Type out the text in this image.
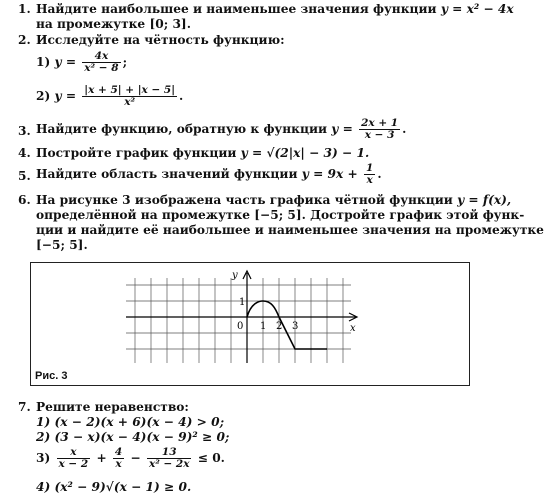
1. Найдите наибольшее и наименьшее значения функции y = x² − 4x
на промежутке [0; 3].
2. Исследуйте на чётность функцию:
1) $y = \frac{4x}{\text{x² − 8}}$ ;
2) $y = \frac{|x + 5| + |x - 5|}{\text{x²}}$ .
3. Найдите функцию, обратную к функции $y = \frac{2x + 1}{x - 3}$ .
4. Постройте график функции y = √(2|x| − 3) − 1.
5. Найдите область значений функции $y = 9x + \frac{1}{x}$ .
6. На рисунке 3 изображена часть графика чётной функции y = f(x),
определённой на промежутке [−5; 5]. Достройте график этой функ-
ции и найдите её наибольшее и наименьшее значения на промежутке
[−5; 5].
y
x
0
1
1 2 3
Рис. 3
7. Решите неравенство:
1) (x − 2)(x + 6)(x − 4) > 0;
2) (3 − x)(x − 4)(x − 9)² ≥ 0;
$3) \frac{x}{x - 2} + \frac{4}{x} - \frac{13}{\text{x² − 2x}} \le 0$.
4) (x² − 9)√(x − 1) ≥ 0.
